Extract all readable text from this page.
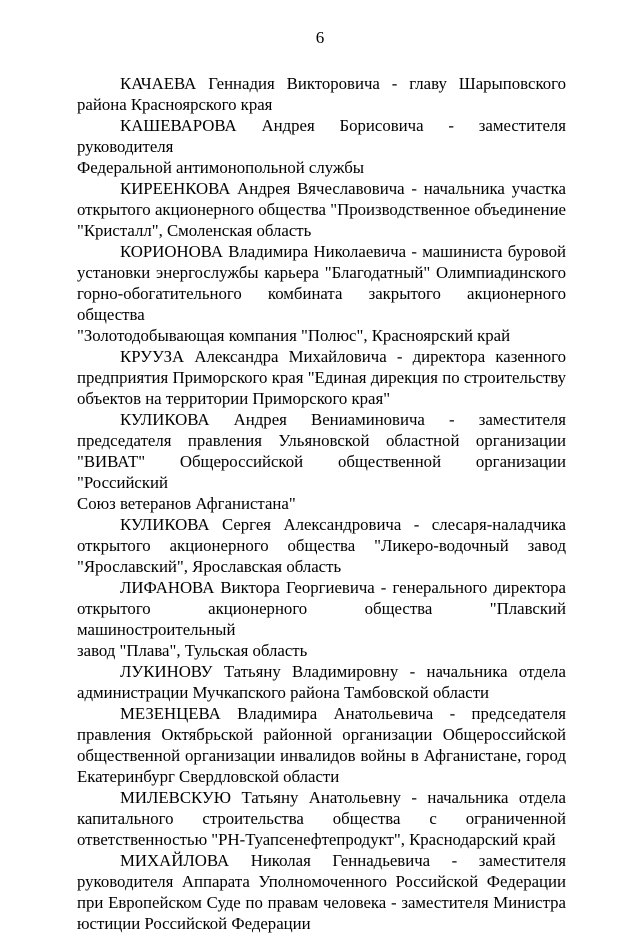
6
КАЧАЕВА Геннадия Викторовича - главу Шарыповского
района Красноярского края
КАШЕВАРОВА Андрея Борисовича - заместителя руководителя
Федеральной антимонопольной службы
КИРЕЕНКОВА Андрея Вячеславовича - начальника участка
открытого акционерного общества "Производственное объединение
"Кристалл", Смоленская область
КОРИОНОВА Владимира Николаевича - машиниста буровой
установки энергослужбы карьера "Благодатный" Олимпиадинского
горно-обогатительного комбината закрытого акционерного общества
"Золотодобывающая компания "Полюс", Красноярский край
КРУУЗА Александра Михайловича - директора казенного
предприятия Приморского края "Единая дирекция по строительству
объектов на территории Приморского края"
КУЛИКОВА Андрея Вениаминовича - заместителя
председателя правления Ульяновской областной организации
"ВИВАТ" Общероссийской общественной организации "Российский
Союз ветеранов Афганистана"
КУЛИКОВА Сергея Александровича - слесаря-наладчика
открытого акционерного общества "Ликеро-водочный завод
"Ярославский", Ярославская область
ЛИФАНОВА Виктора Георгиевича - генерального директора
открытого акционерного общества "Плавский машиностроительный
завод "Плава", Тульская область
ЛУКИНОВУ Татьяну Владимировну - начальника отдела
администрации Мучкапского района Тамбовской области
МЕЗЕНЦЕВА Владимира Анатольевича - председателя
правления Октябрьской районной организации Общероссийской
общественной организации инвалидов войны в Афганистане, город
Екатеринбург Свердловской области
МИЛЕВСКУЮ Татьяну Анатольевну - начальника отдела
капитального строительства общества с ограниченной
ответственностью "РН-Туапсенефтепродукт", Краснодарский край
МИХАЙЛОВА Николая Геннадьевича - заместителя
руководителя Аппарата Уполномоченного Российской Федерации
при Европейском Суде по правам человека - заместителя Министра
юстиции Российской Федерации
